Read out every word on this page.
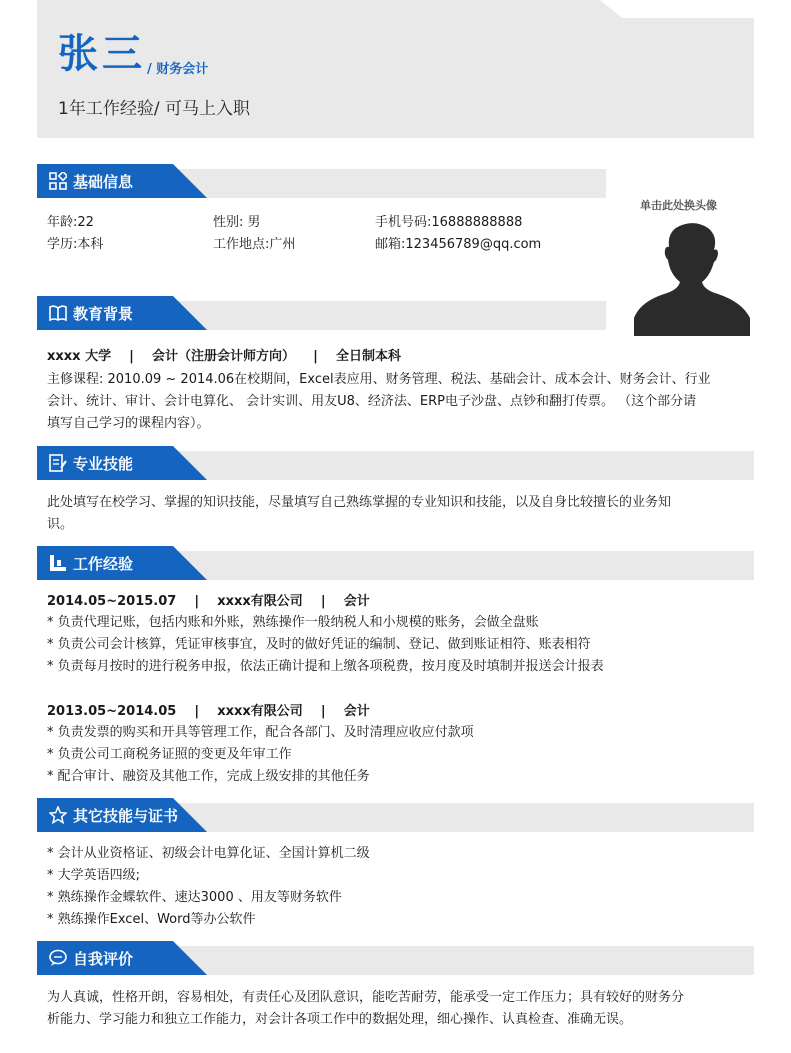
张三 / 财务会计
1年工作经验/ 可马上入职
单击此处换头像
基础信息
年龄:22	性别: 男	手机号码:16888888888
学历:本科	工作地点:广州	邮箱:123456789@qq.com
教育背景
xxxx 大学    |    会计（注册会计师方向）    |    全日制本科
主修课程: 2010.09 ~ 2014.06在校期间，Excel表应用、财务管理、税法、基础会计、成本会计、财务会计、行业
会计、统计、审计、会计电算化、 会计实训、用友U8、经济法、ERP电子沙盘、点钞和翻打传票。 （这个部分请
填写自己学习的课程内容）。
专业技能
此处填写在校学习、掌握的知识技能，尽量填写自己熟练掌握的专业知识和技能，以及自身比较擅长的业务知
识。
工作经验
2014.05~2015.07    |    xxxx有限公司    |    会计
* 负责代理记账，包括内账和外账，熟练操作一般纳税人和小规模的账务，会做全盘账
* 负责公司会计核算，凭证审核事宜，及时的做好凭证的编制、登记、做到账证相符、账表相符
* 负责每月按时的进行税务申报，依法正确计提和上缴各项税费，按月度及时填制并报送会计报表
2013.05~2014.05    |    xxxx有限公司    |    会计
* 负责发票的购买和开具等管理工作，配合各部门、及时清理应收应付款项
* 负责公司工商税务证照的变更及年审工作
* 配合审计、融资及其他工作，完成上级安排的其他任务
其它技能与证书
* 会计从业资格证、初级会计电算化证、全国计算机二级
* 大学英语四级;
* 熟练操作金蝶软件、速达3000 、用友等财务软件
* 熟练操作Excel、Word等办公软件
自我评价
为人真诚，性格开朗，容易相处，有责任心及团队意识，能吃苦耐劳，能承受一定工作压力；具有较好的财务分
析能力、学习能力和独立工作能力，对会计各项工作中的数据处理，细心操作、认真检查、准确无误。
